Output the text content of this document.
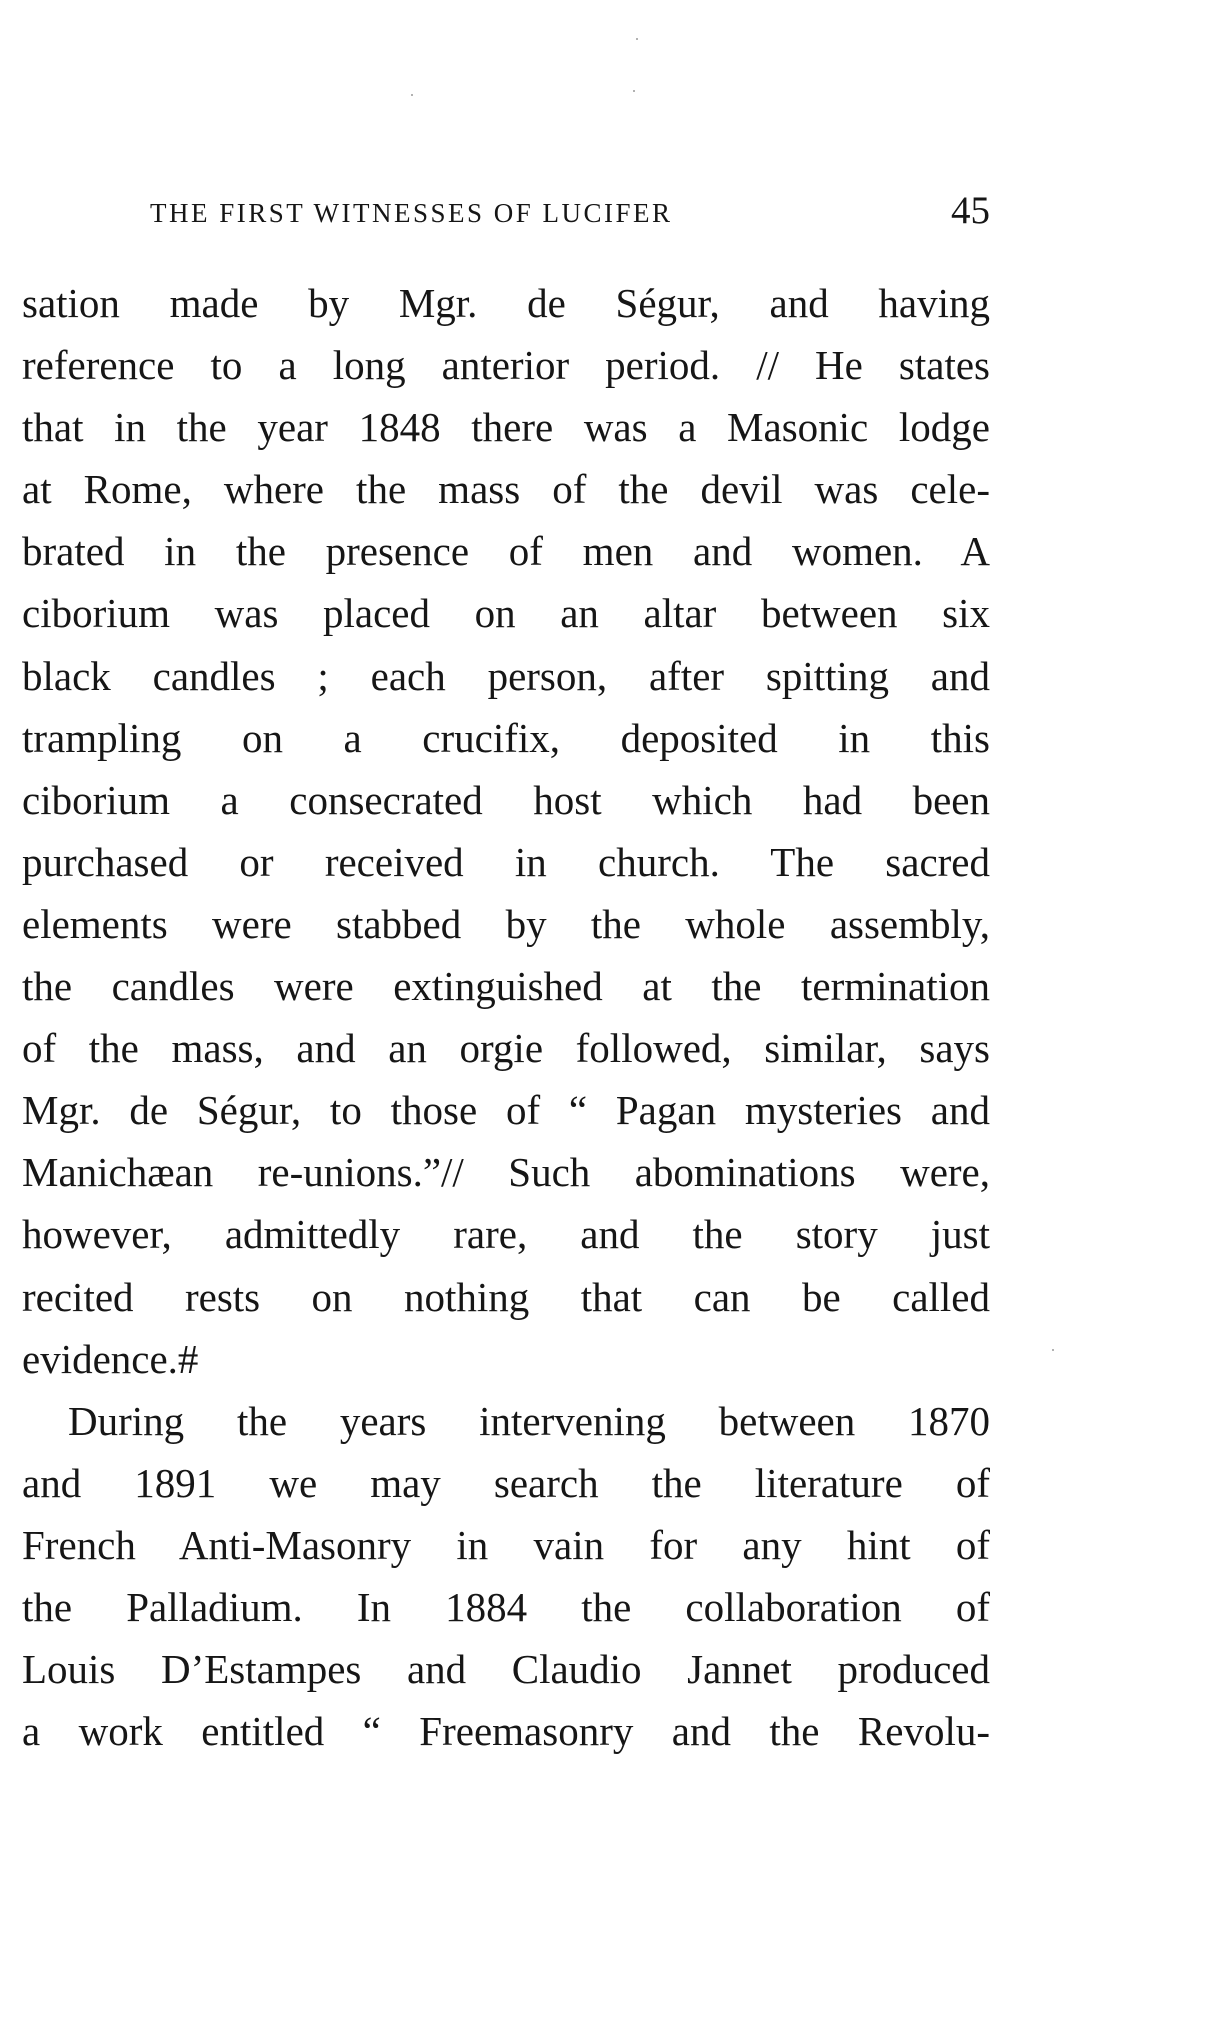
THE FIRST WITNESSES OF LUCIFER	45
sation made by Mgr. de Ségur, and having
reference to a long anterior period. // He states
that in the year 1848 there was a Masonic lodge
at Rome, where the mass of the devil was cele-
brated in the presence of men and women. A
ciborium was placed on an altar between six
black candles ; each person, after spitting and
trampling on a crucifix, deposited in this
ciborium a consecrated host which had been
purchased or received in church. The sacred
elements were stabbed by the whole assembly,
the candles were extinguished at the termination
of the mass, and an orgie followed, similar, says
Mgr. de Ségur, to those of “ Pagan mysteries and
Manichæan re-unions.”// Such abominations were,
however, admittedly rare, and the story just
recited rests on nothing that can be called
evidence.#
During the years intervening between 1870
and 1891 we may search the literature of
French Anti-Masonry in vain for any hint of
the Palladium. In 1884 the collaboration of
Louis D’Estampes and Claudio Jannet produced
a work entitled “ Freemasonry and the Revolu-
